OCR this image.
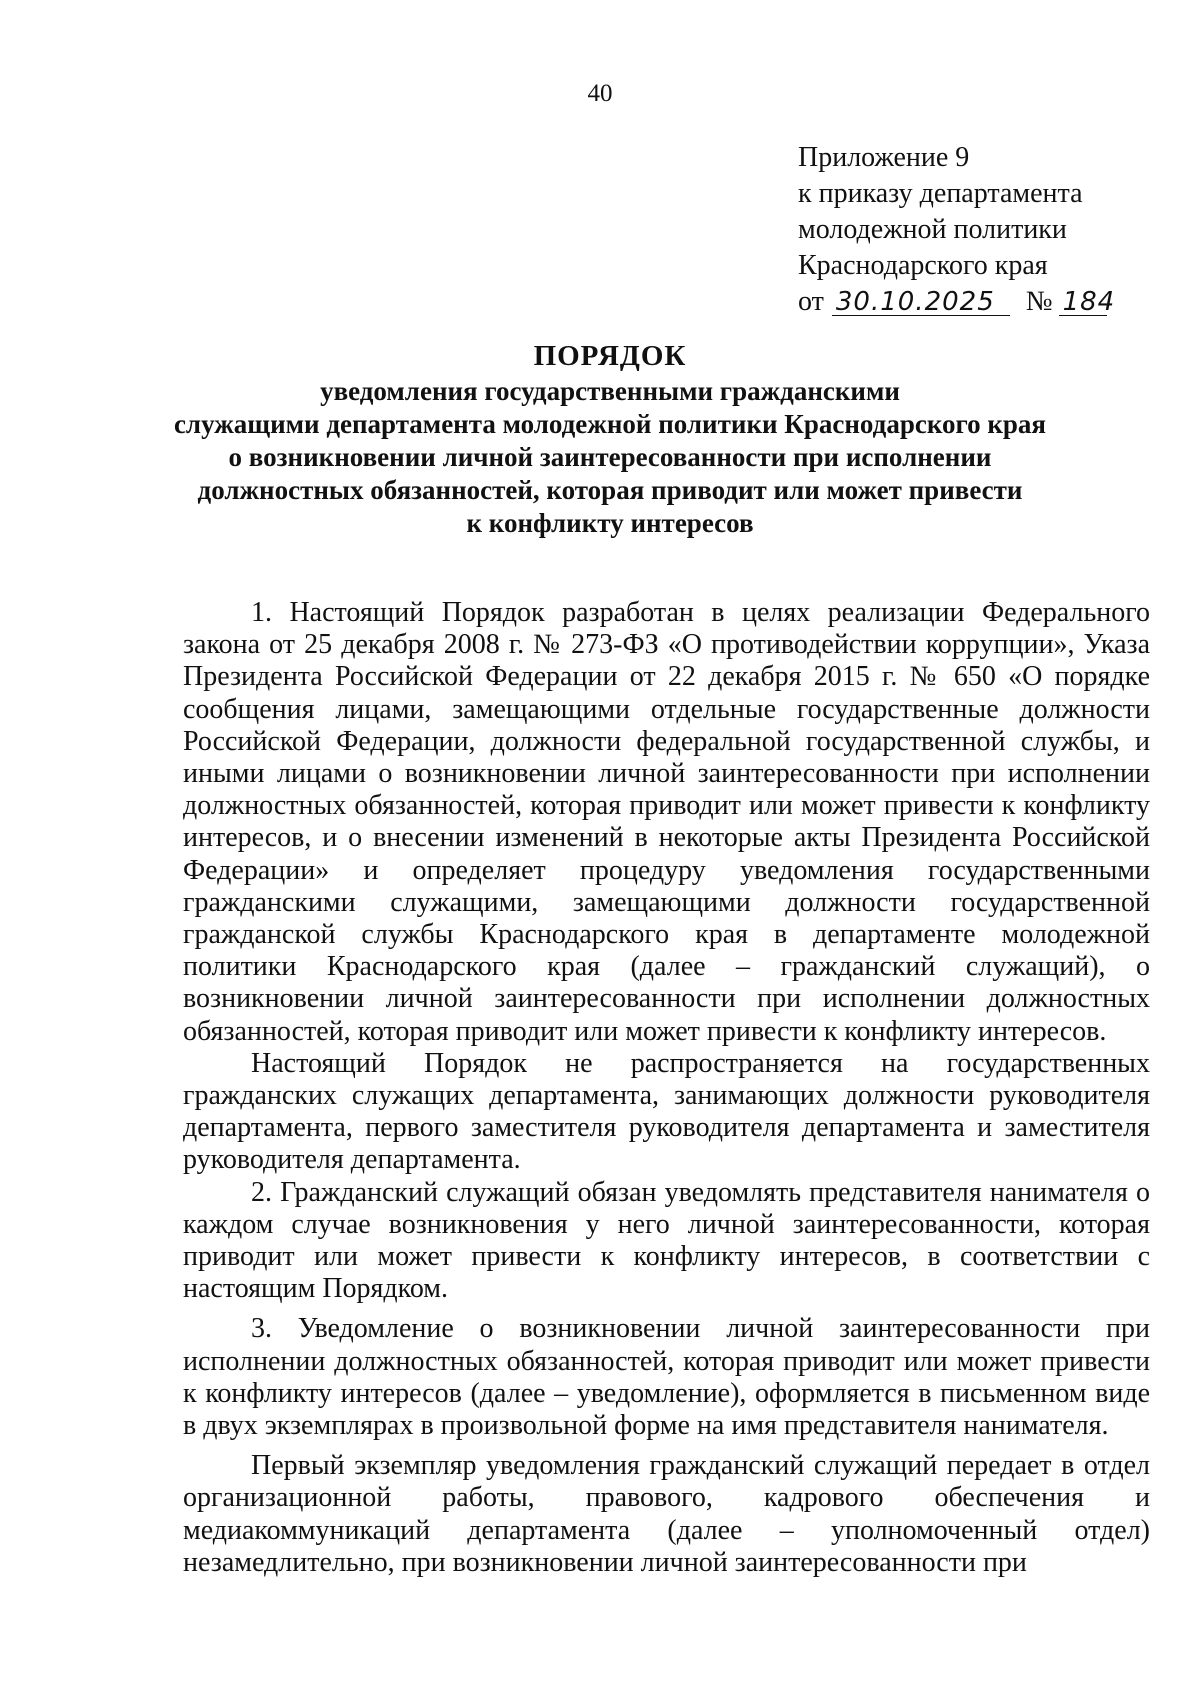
40
Приложение 9
к приказу департамента
молодежной политики
Краснодарского края
от 30.10.2025 № 184
ПОРЯДОК
уведомления государственными гражданскими
служащими департамента молодежной политики Краснодарского края
о возникновении личной заинтересованности при исполнении
должностных обязанностей, которая приводит или может привести
к конфликту интересов

1. Настоящий Порядок разработан в целях реализации Федерального закона от 25 декабря 2008 г. № 273-ФЗ «О противодействии коррупции», Указа Президента Российской Федерации от 22 декабря 2015 г. № 650 «О порядке сообщения лицами, замещающими отдельные государственные должности Российской Федерации, должности федеральной государственной службы, и иными лицами о возникновении личной заинтересованности при исполнении должностных обязанностей, которая приводит или может привести к конфликту интересов, и о внесении изменений в некоторые акты Президента Российской Федерации» и определяет процедуру уведомления государственными гражданскими служащими, замещающими должности государственной гражданской службы Краснодарского края в департаменте молодежной политики Краснодарского края (далее – гражданский служащий), о возникновении личной заинтересованности при исполнении должностных обязанностей, которая приводит или может привести к конфликту интересов.

Настоящий Порядок не распространяется на государственных гражданских служащих департамента, занимающих должности руководителя департамента, первого заместителя руководителя департамента и заместителя руководителя департамента.

2. Гражданский служащий обязан уведомлять представителя нанимателя о каждом случае возникновения у него личной заинтересованности, которая приводит или может привести к конфликту интересов, в соответствии с настоящим Порядком.

3. Уведомление о возникновении личной заинтересованности при исполнении должностных обязанностей, которая приводит или может привести к конфликту интересов (далее – уведомление), оформляется в письменном виде в двух экземплярах в произвольной форме на имя представителя нанимателя.

Первый экземпляр уведомления гражданский служащий передает в отдел организационной работы, правового, кадрового обеспечения и медиакоммуникаций департамента (далее – уполномоченный отдел) незамедлительно, при возникновении личной заинтересованности при
